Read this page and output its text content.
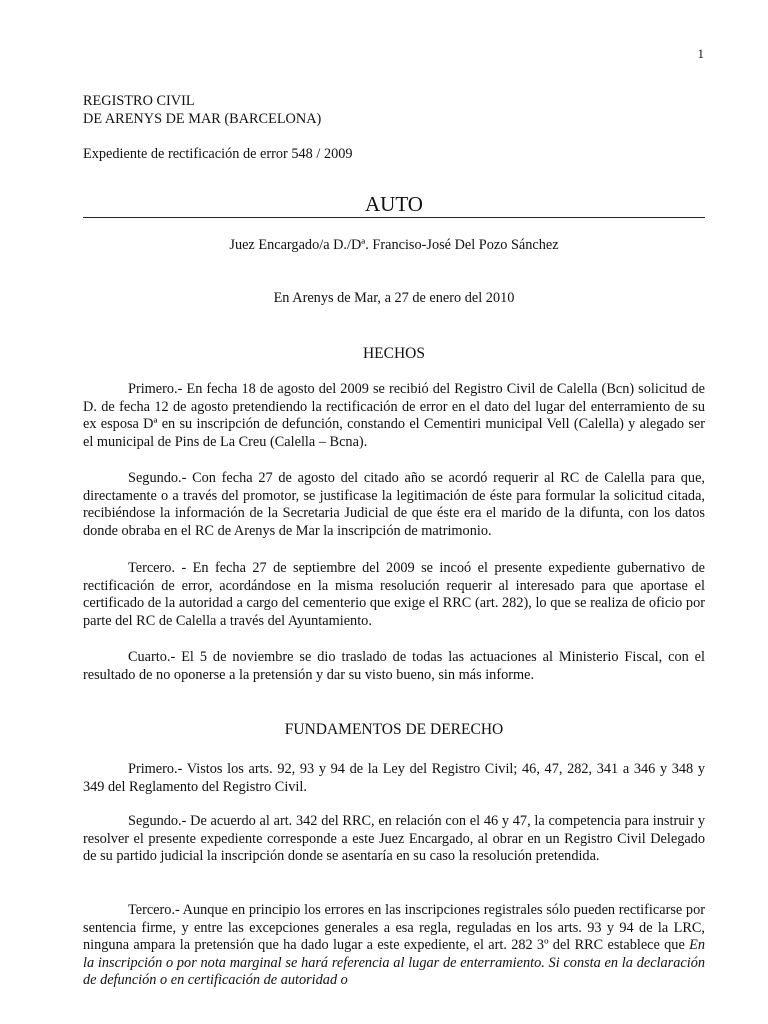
1
REGISTRO CIVIL
DE ARENYS DE MAR (BARCELONA)
Expediente de rectificación de error 548 / 2009
AUTO
Juez Encargado/a D./Dª. Franciso-José Del Pozo Sánchez
En Arenys de Mar, a 27 de enero del 2010
HECHOS

Primero.- En fecha 18 de agosto del 2009 se recibió del Registro Civil de Calella (Bcn) solicitud de D. de fecha 12 de agosto pretendiendo la rectificación de error en el dato del lugar del enterramiento de su ex esposa Dª en su inscripción de defunción, constando el Cementiri municipal Vell (Calella) y alegado ser el municipal de Pins de La Creu (Calella – Bcna).

Segundo.- Con fecha 27 de agosto del citado año se acordó requerir al RC de Calella para que, directamente o a través del promotor, se justificase la legitimación de éste para formular la solicitud citada, recibiéndose la información de la Secretaria Judicial de que éste era el marido de la difunta, con los datos donde obraba en el RC de Arenys de Mar la inscripción de matrimonio.

Tercero. - En fecha 27 de septiembre del 2009 se incoó el presente expediente gubernativo de rectificación de error, acordándose en la misma resolución requerir al interesado para que aportase el certificado de la autoridad a cargo del cementerio que exige el RRC (art. 282), lo que se realiza de oficio por parte del RC de Calella a través del Ayuntamiento.

Cuarto.- El 5 de noviembre se dio traslado de todas las actuaciones al Ministerio Fiscal, con el resultado de no oponerse a la pretensión y dar su visto bueno, sin más informe.

FUNDAMENTOS DE DERECHO

Primero.- Vistos los arts. 92, 93 y 94 de la Ley del Registro Civil; 46, 47, 282, 341 a 346 y 348 y 349 del Reglamento del Registro Civil.

Segundo.- De acuerdo al art. 342 del RRC, en relación con el 46 y 47, la competencia para instruir y resolver el presente expediente corresponde a este Juez Encargado, al obrar en un Registro Civil Delegado de su partido judicial la inscripción donde se asentaría en su caso la resolución pretendida.

Tercero.- Aunque en principio los errores en las inscripciones registrales sólo pueden rectificarse por sentencia firme, y entre las excepciones generales a esa regla, reguladas en los arts. 93 y 94 de la LRC, ninguna ampara la pretensión que ha dado lugar a este expediente, el art. 282 3º del RRC establece que En la inscripción o por nota marginal se hará referencia al lugar de enterramiento. Si consta en la declaración de defunción o en certificación de autoridad o
